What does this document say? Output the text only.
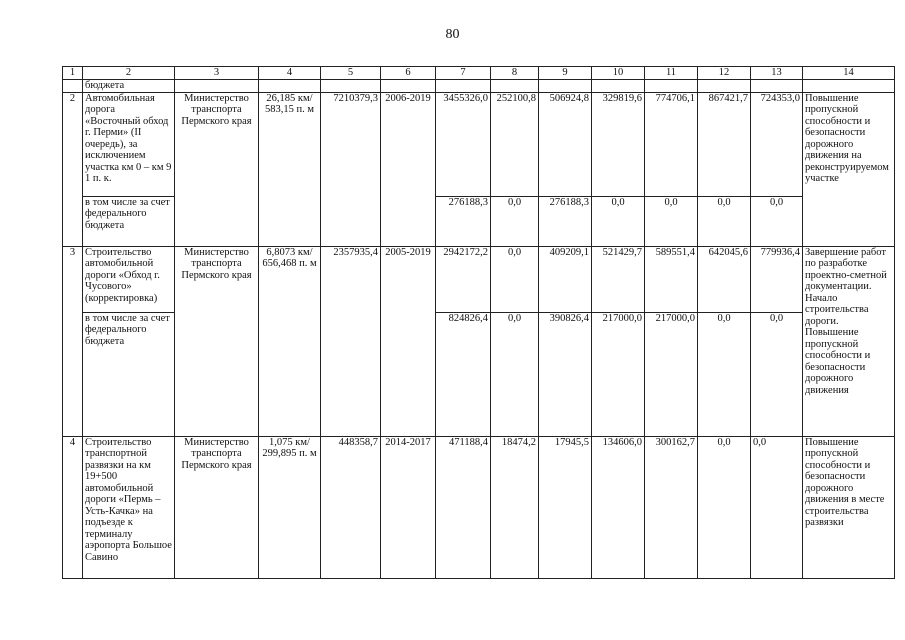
80
1	2	3	4	5	6	7	8	9	10	11	12	13	14
	бюджета												
2	Автомобильная дорога «Восточный обход г. Перми» (II очередь), за исключением участка км 0 – км 9 1 п. к.	Министерство транспорта Пермского края	26,185 км/ 583,15 п. м	7210379,3	2006-2019	3455326,0	252100,8	506924,8	329819,6	774706,1	867421,7	724353,0	Повышение пропускной способности и безопасности дорожного движения на реконструируемом участке
	в том числе за счет федерального бюджета					276188,3	0,0	276188,3	0,0	0,0	0,0	0,0	
3	Строительство автомобильной дороги «Обход г. Чусового» (корректировка)	Министерство транспорта Пермского края	6,8073 км/ 656,468 п. м	2357935,4	2005-2019	2942172,2	0,0	409209,1	521429,7	589551,4	642045,6	779936,4	Завершение работ по разработке проектно-сметной документации. Начало строительства дороги. Повышение пропускной способности и безопасности дорожного движения
	в том числе за счет федерального бюджета					824826,4	0,0	390826,4	217000,0	217000,0	0,0	0,0	
4	Строительство транспортной развязки на км 19+500 автомобильной дороги «Пермь – Усть-Качка» на подъезде к терминалу аэропорта Большое Савино	Министерство транспорта Пермского края	1,075 км/ 299,895 п. м	448358,7	2014-2017	471188,4	18474,2	17945,5	134606,0	300162,7	0,0	0,0	Повышение пропускной способности и безопасности дорожного движения в месте строительства развязки
